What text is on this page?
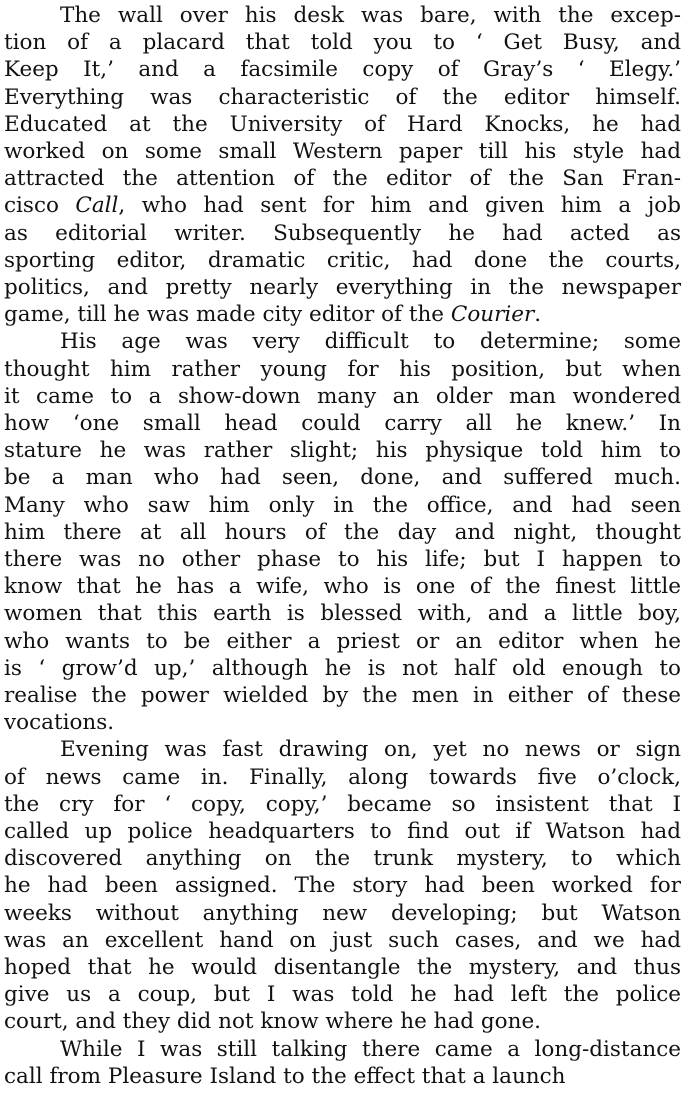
The wall over his desk was bare, with the excep-
tion of a placard that told you to ‘ Get Busy, and
Keep It,’ and a facsimile copy of Gray’s ‘ Elegy.’
Everything was characteristic of the editor himself.
Educated at the University of Hard Knocks, he had
worked on some small Western paper till his style had
attracted the attention of the editor of the San Fran-
cisco Call, who had sent for him and given him a job
as editorial writer. Subsequently he had acted as
sporting editor, dramatic critic, had done the courts,
politics, and pretty nearly everything in the newspaper
game, till he was made city editor of the Courier.
His age was very difficult to determine; some
thought him rather young for his position, but when
it came to a show-down many an older man wondered
how ‘one small head could carry all he knew.’ In
stature he was rather slight; his physique told him to
be a man who had seen, done, and suffered much.
Many who saw him only in the office, and had seen
him there at all hours of the day and night, thought
there was no other phase to his life; but I happen to
know that he has a wife, who is one of the finest little
women that this earth is blessed with, and a little boy,
who wants to be either a priest or an editor when he
is ‘ grow’d up,’ although he is not half old enough to
realise the power wielded by the men in either of these
vocations.
Evening was fast drawing on, yet no news or sign
of news came in. Finally, along towards five o’clock,
the cry for ‘ copy, copy,’ became so insistent that I
called up police headquarters to find out if Watson had
discovered anything on the trunk mystery, to which
he had been assigned. The story had been worked for
weeks without anything new developing; but Watson
was an excellent hand on just such cases, and we had
hoped that he would disentangle the mystery, and thus
give us a coup, but I was told he had left the police
court, and they did not know where he had gone.
While I was still talking there came a long-distance
call from Pleasure Island to the effect that a launch
